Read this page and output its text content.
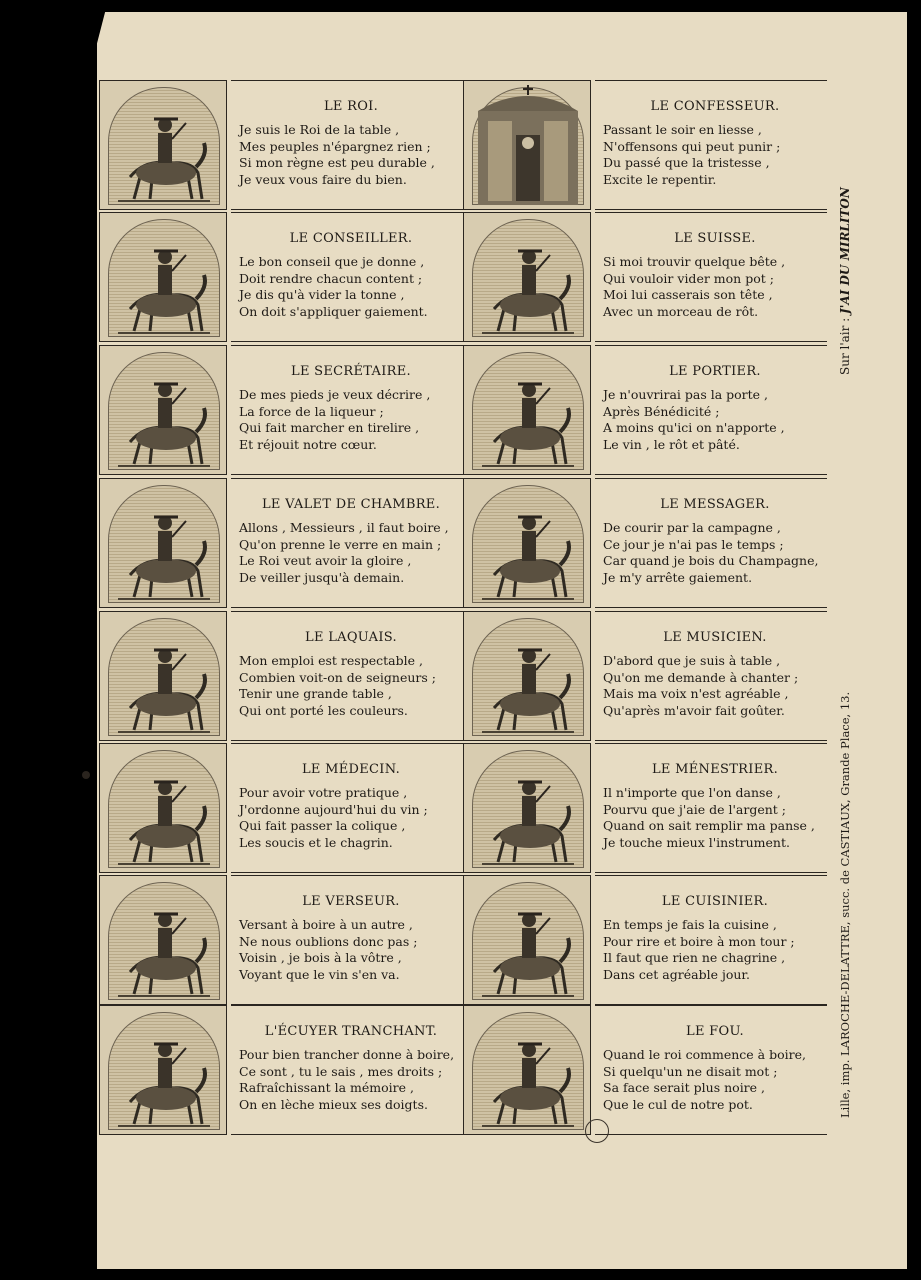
LE ROI.
Je suis le Roi de la table ,
Mes peuples n'épargnez rien ;
Si mon règne est peu durable ,
Je veux vous faire du bien.
LE CONFESSEUR.
Passant le soir en liesse ,
N'offensons qui peut punir ;
Du passé que la tristesse ,
Excite le repentir.
LE CONSEILLER.
Le bon conseil que je donne ,
Doit rendre chacun content ;
Je dis qu'à vider la tonne ,
On doit s'appliquer gaiement.
LE SUISSE.
Si moi trouvir quelque bête ,
Qui vouloir vider mon pot ;
Moi lui casserais son tête ,
Avec un morceau de rôt.
LE SECRÉTAIRE.
De mes pieds je veux décrire ,
La force de la liqueur ;
Qui fait marcher en tirelire ,
Et réjouit notre cœur.
LE PORTIER.
Je n'ouvrirai pas la porte ,
Après Bénédicité ;
A moins qu'ici on n'apporte ,
Le vin , le rôt et pâté.
LE VALET DE CHAMBRE.
Allons , Messieurs , il faut boire ,
Qu'on prenne le verre en main ;
Le Roi veut avoir la gloire ,
De veiller jusqu'à demain.
LE MESSAGER.
De courir par la campagne ,
Ce jour je n'ai pas le temps ;
Car quand je bois du Champagne,
Je m'y arrête gaiement.
LE LAQUAIS.
Mon emploi est respectable ,
Combien voit-on de seigneurs ;
Tenir une grande table ,
Qui ont porté les couleurs.
LE MUSICIEN.
D'abord que je suis à table ,
Qu'on me demande à chanter ;
Mais ma voix n'est agréable ,
Qu'après m'avoir fait goûter.
LE MÉDECIN.
Pour avoir votre pratique ,
J'ordonne aujourd'hui du vin ;
Qui fait passer la colique ,
Les soucis et le chagrin.
LE MÉNESTRIER.
Il n'importe que l'on danse ,
Pourvu que j'aie de l'argent ;
Quand on sait remplir ma panse ,
Je touche mieux l'instrument.
LE VERSEUR.
Versant à boire à un autre ,
Ne nous oublions donc pas ;
Voisin , je bois à la vôtre ,
Voyant que le vin s'en va.
LE CUISINIER.
En temps je fais la cuisine ,
Pour rire et boire à mon tour ;
Il faut que rien ne chagrine ,
Dans cet agréable jour.
L'ÉCUYER TRANCHANT.
Pour bien trancher donne à boire,
Ce sont , tu le sais , mes droits ;
Rafraîchissant la mémoire ,
On en lèche mieux ses doigts.
LE FOU.
Quand le roi commence à boire,
Si quelqu'un ne disait mot ;
Sa face serait plus noire ,
Que le cul de notre pot.
Sur l'air : J'AI DU MIRLITON
Lille, imp. LAROCHE-DELATTRE, succ. de CASTIAUX, Grande Place, 13.
